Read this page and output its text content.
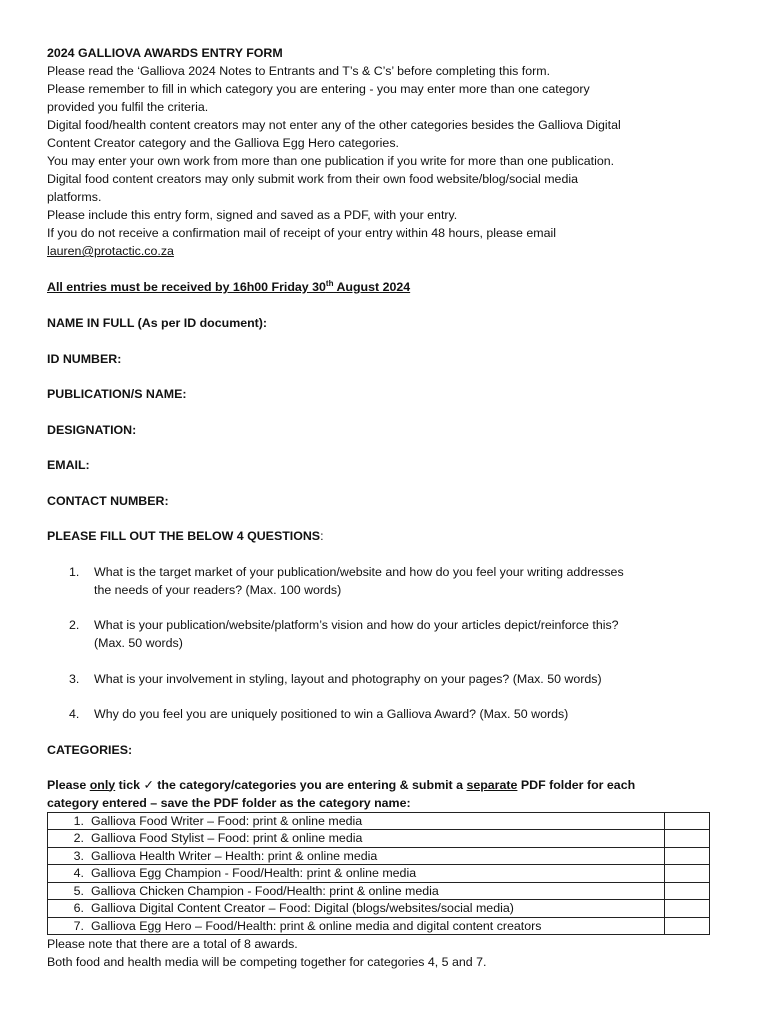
2024 GALLIOVA AWARDS ENTRY FORM
Please read the ‘Galliova 2024 Notes to Entrants and T’s & C’s’ before completing this form.
Please remember to fill in which category you are entering - you may enter more than one category
provided you fulfil the criteria.
Digital food/health content creators may not enter any of the other categories besides the Galliova Digital
Content Creator category and the Galliova Egg Hero categories.
You may enter your own work from more than one publication if you write for more than one publication.
Digital food content creators may only submit work from their own food website/blog/social media
platforms.
Please include this entry form, signed and saved as a PDF, with your entry.
If you do not receive a confirmation mail of receipt of your entry within 48 hours, please email
lauren@protactic.co.za
All entries must be received by 16h00 Friday 30th August 2024
NAME IN FULL (As per ID document):
ID NUMBER:
PUBLICATION/S NAME:
DESIGNATION:
EMAIL:
CONTACT NUMBER:
PLEASE FILL OUT THE BELOW 4 QUESTIONS:
1. What is the target market of your publication/website and how do you feel your writing addresses
the needs of your readers? (Max. 100 words)
2. What is your publication/website/platform’s vision and how do your articles depict/reinforce this?
(Max. 50 words)
3. What is your involvement in styling, layout and photography on your pages? (Max. 50 words)
4. Why do you feel you are uniquely positioned to win a Galliova Award? (Max. 50 words)
CATEGORIES:
Please only tick ✓ the category/categories you are entering & submit a separate PDF folder for each
category entered – save the PDF folder as the category name:
1. Galliova Food Writer – Food: print & online media	
2. Galliova Food Stylist – Food: print & online media	
3. Galliova Health Writer – Health: print & online media	
4. Galliova Egg Champion - Food/Health: print & online media	
5. Galliova Chicken Champion - Food/Health: print & online media	
6. Galliova Digital Content Creator – Food: Digital (blogs/websites/social media)	
7. Galliova Egg Hero – Food/Health: print & online media and digital content creators	
Please note that there are a total of 8 awards.
Both food and health media will be competing together for categories 4, 5 and 7.
